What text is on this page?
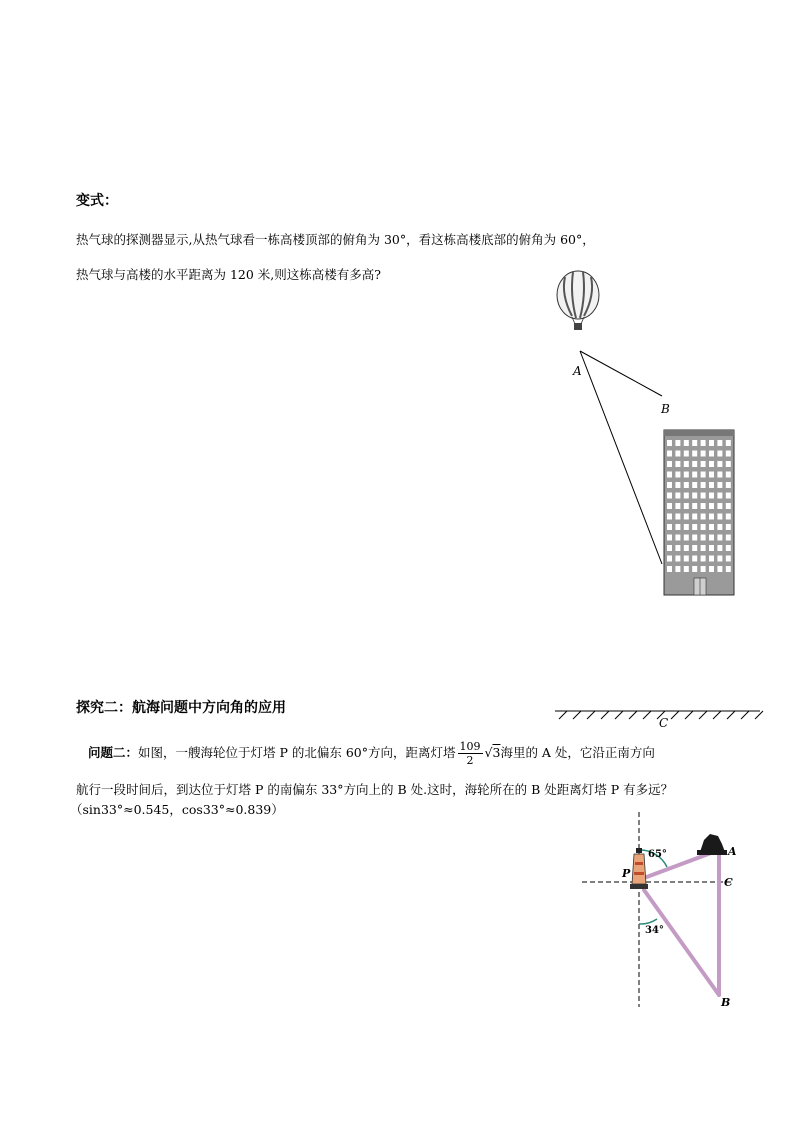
变式：
热气球的探测器显示,从热气球看一栋高楼顶部的俯角为 30°，看这栋高楼底部的俯角为 60°，
热气球与高楼的水平距离为 120 米,则这栋高楼有多高?
A
B
探究二：航海问题中方向角的应用
C
问题二：如图，一艘海轮位于灯塔 P 的北偏东 60°方向，距离灯塔 $\frac{109}{2} √3$海里的 A 处，它沿正南方向
航行一段时间后，到达位于灯塔 P 的南偏东 33°方向上的 B 处.这时，海轮所在的 B 处距离灯塔 P 有多远？
（sin33°≈0.545，cos33°≈0.839）
P
A
C
B
65°
34°
